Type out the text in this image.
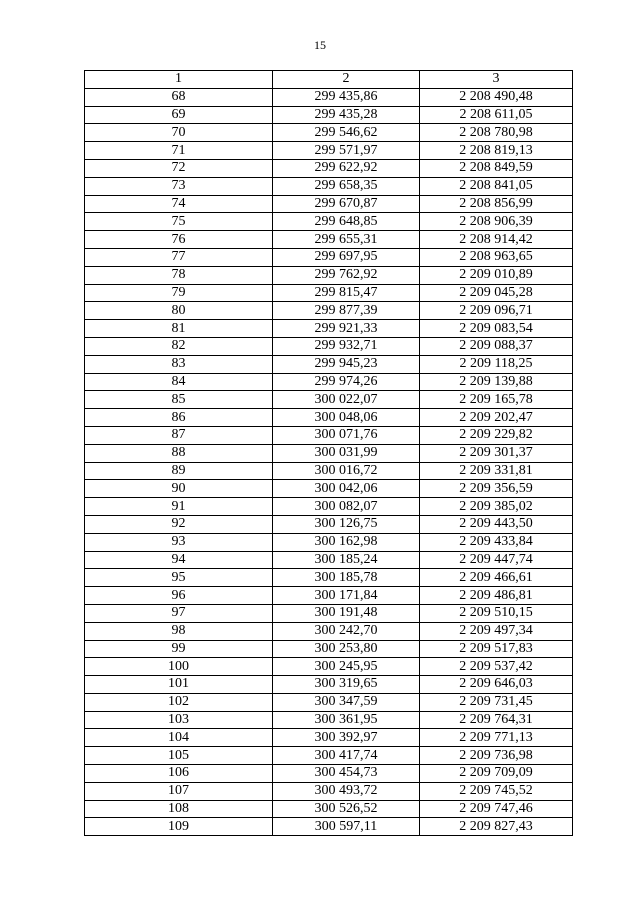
15
1	2	3
68	299 435,86	2 208 490,48
69	299 435,28	2 208 611,05
70	299 546,62	2 208 780,98
71	299 571,97	2 208 819,13
72	299 622,92	2 208 849,59
73	299 658,35	2 208 841,05
74	299 670,87	2 208 856,99
75	299 648,85	2 208 906,39
76	299 655,31	2 208 914,42
77	299 697,95	2 208 963,65
78	299 762,92	2 209 010,89
79	299 815,47	2 209 045,28
80	299 877,39	2 209 096,71
81	299 921,33	2 209 083,54
82	299 932,71	2 209 088,37
83	299 945,23	2 209 118,25
84	299 974,26	2 209 139,88
85	300 022,07	2 209 165,78
86	300 048,06	2 209 202,47
87	300 071,76	2 209 229,82
88	300 031,99	2 209 301,37
89	300 016,72	2 209 331,81
90	300 042,06	2 209 356,59
91	300 082,07	2 209 385,02
92	300 126,75	2 209 443,50
93	300 162,98	2 209 433,84
94	300 185,24	2 209 447,74
95	300 185,78	2 209 466,61
96	300 171,84	2 209 486,81
97	300 191,48	2 209 510,15
98	300 242,70	2 209 497,34
99	300 253,80	2 209 517,83
100	300 245,95	2 209 537,42
101	300 319,65	2 209 646,03
102	300 347,59	2 209 731,45
103	300 361,95	2 209 764,31
104	300 392,97	2 209 771,13
105	300 417,74	2 209 736,98
106	300 454,73	2 209 709,09
107	300 493,72	2 209 745,52
108	300 526,52	2 209 747,46
109	300 597,11	2 209 827,43
